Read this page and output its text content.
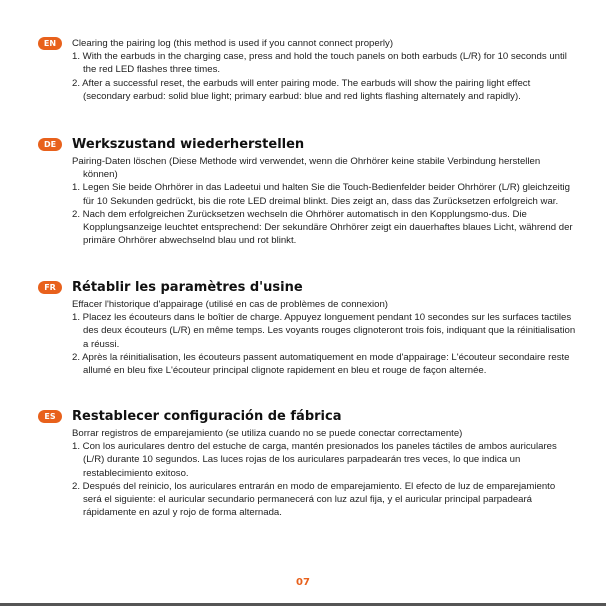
EN	Clearing the pairing log (this method is used if you cannot connect properly)

1. With the earbuds in the charging case, press and hold the touch panels on both earbuds (L/R) for 10 seconds until the red LED flashes three times.
2. After a successful reset, the earbuds will enter pairing mode. The earbuds will show the pairing light effect (secondary earbud: solid blue light; primary earbud: blue and red lights flashing alternately and rapidly).
DE	Werkszustand wiederherstellen

Pairing-Daten löschen (Diese Methode wird verwendet, wenn die Ohrhörer keine stabile Verbindung herstellen können)

1. Legen Sie beide Ohrhörer in das Ladeetui und halten Sie die Touch-Bedienfelder beider Ohrhörer (L/R) gleichzeitig für 10 Sekunden gedrückt, bis die rote LED dreimal blinkt. Dies zeigt an, dass das Zurücksetzen erfolgreich war.
2. Nach dem erfolgreichen Zurücksetzen wechseln die Ohrhörer automatisch in den Kopplungsmo-dus. Die Kopplungsanzeige leuchtet entsprechend: Der sekundäre Ohrhörer zeigt ein dauerhaftes blaues Licht, während der primäre Ohrhörer abwechselnd blau und rot blinkt.
FR	Rétablir les paramètres d'usine

Effacer l'historique d'appairage (utilisé en cas de problèmes de connexion)

1. Placez les écouteurs dans le boîtier de charge. Appuyez longuement pendant 10 secondes sur les surfaces tactiles des deux écouteurs (L/R) en même temps. Les voyants rouges clignoteront trois fois, indiquant que la réinitialisation a réussi.
2. Après la réinitialisation, les écouteurs passent automatiquement en mode d'appairage: L'écouteur secondaire reste allumé en bleu fixe L'écouteur principal clignote rapidement en bleu et rouge de façon alternée.
ES	Restablecer configuración de fábrica

Borrar registros de emparejamiento (se utiliza cuando no se puede conectar correctamente)

1. Con los auriculares dentro del estuche de carga, mantén presionados los paneles táctiles de ambos auriculares (L/R) durante 10 segundos. Las luces rojas de los auriculares parpadearán tres veces, lo que indica un restablecimiento exitoso.
2. Después del reinicio, los auriculares entrarán en modo de emparejamiento. El efecto de luz de emparejamiento será el siguiente: el auricular secundario permanecerá con luz azul fija, y el auricular principal parpadeará rápidamente en azul y rojo de forma alternada.
07
